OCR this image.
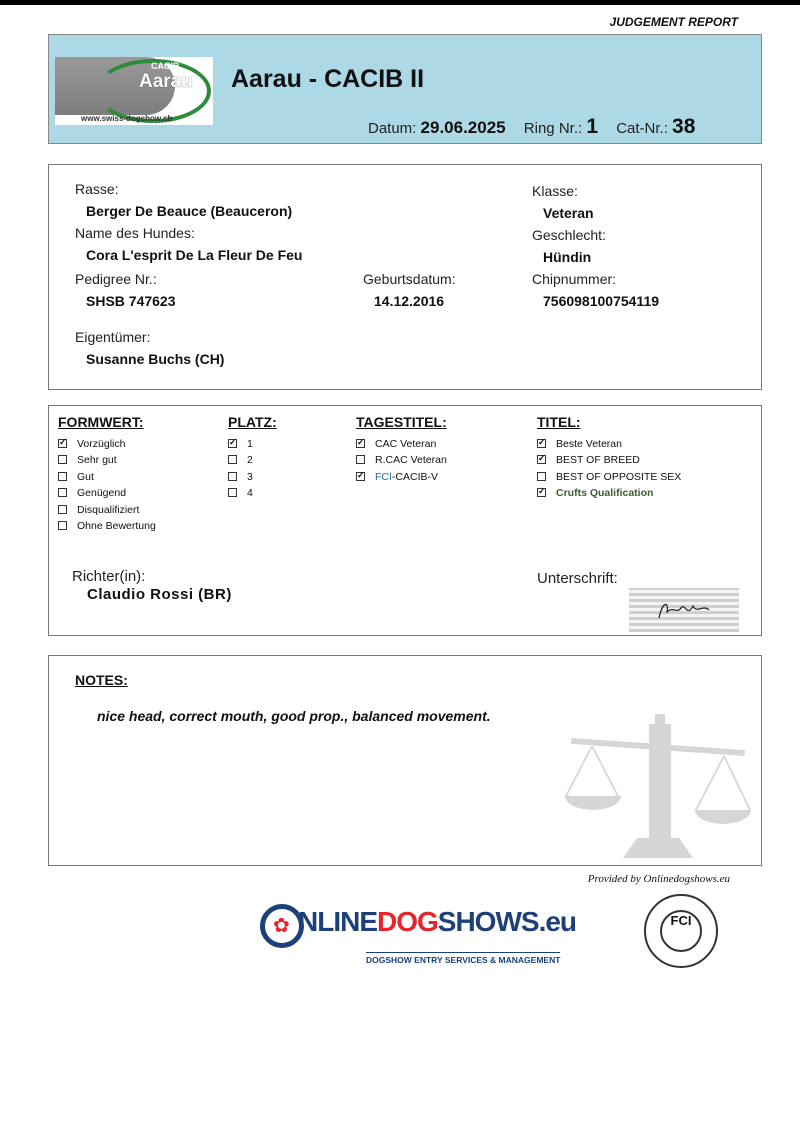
JUDGEMENT REPORT
CACIB
Aarau
www.swiss-dogshow.ch
Aarau - CACIB II
Datum: 29.06.2025 Ring Nr.: 1 Cat-Nr.: 38
Rasse:
Berger De Beauce (Beauceron)
Name des Hundes:
Cora L'esprit De La Fleur De Feu
Pedigree Nr.:
SHSB 747623
Geburtsdatum:
14.12.2016
Klasse:
Veteran
Geschlecht:
Hündin
Chipnummer:
756098100754119
Eigentümer:
Susanne Buchs (CH)
FORMWERT:	PLATZ:	TAGESTITEL:	TITEL:
✓Vorzüglich
Sehr gut
Gut
Genügend
Disqualifiziert
Ohne Bewertung
✓1
2
3
4
✓CAC Veteran
R.CAC Veteran
✓FCI-CACIB-V
✓Beste Veteran
✓BEST OF BREED
BEST OF OPPOSITE SEX
✓Crufts Qualification
Richter(in):
Claudio Rossi (BR)
Unterschrift:
NOTES:
nice head, correct mouth, good prop., balanced movement.
Provided by Onlinedogshows.eu
✿ NLINEDOGSHOWS.eu
DOGSHOW ENTRY SERVICES & MANAGEMENT
FCI
